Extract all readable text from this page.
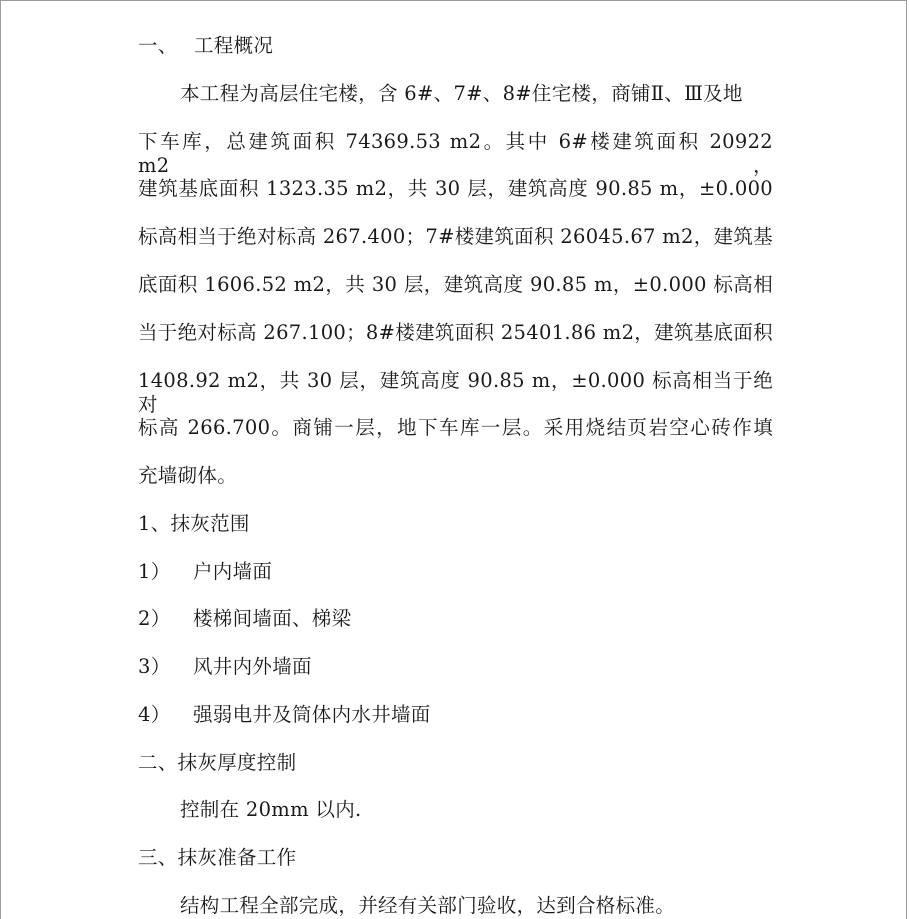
一、 工程概况
本工程为高层住宅楼，含 6#、7#、8#住宅楼，商铺Ⅱ、Ⅲ及地
下车库，总建筑面积 74369.53 m2。其中 6#楼建筑面积 20922 m2，
建筑基底面积 1323.35 m2，共 30 层，建筑高度 90.85 m，±0.000
标高相当于绝对标高 267.400；7#楼建筑面积 26045.67 m2，建筑基
底面积 1606.52 m2，共 30 层，建筑高度 90.85 m，±0.000 标高相
当于绝对标高 267.100；8#楼建筑面积 25401.86 m2，建筑基底面积
1408.92 m2，共 30 层，建筑高度 90.85 m，±0.000 标高相当于绝对
标高 266.700。商铺一层，地下车库一层。采用烧结页岩空心砖作填
充墙砌体。
1、抹灰范围
1） 户内墙面
2） 楼梯间墙面、梯梁
3） 风井内外墙面
4） 强弱电井及筒体内水井墙面
二、抹灰厚度控制
控制在 20mm 以内.
三、抹灰准备工作
结构工程全部完成，并经有关部门验收，达到合格标准。
